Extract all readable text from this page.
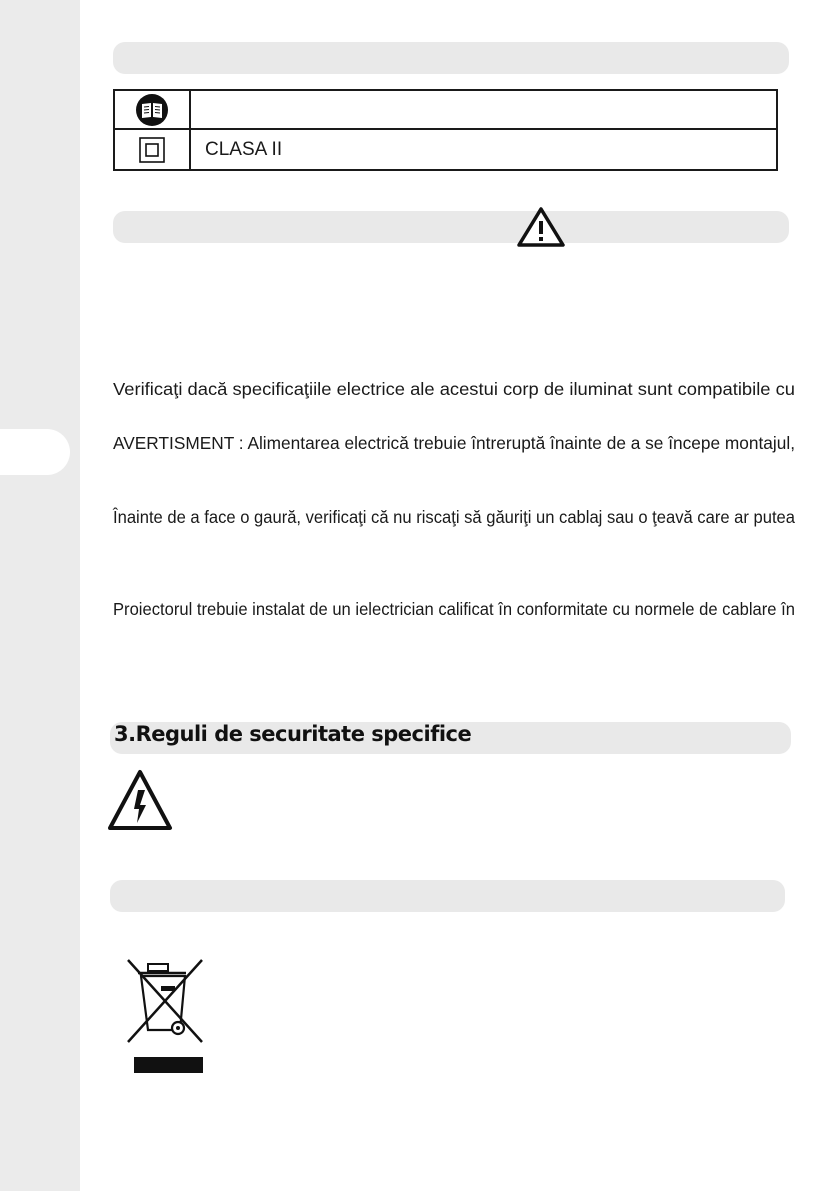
CLASA II
Verificaţi dacă specificaţiile electrice ale acestui corp de iluminat sunt compatibile cu
AVERTISMENT : Alimentarea electrică trebuie întreruptă înainte de a se începe montajul,
Înainte de a face o gaură, verificaţi că nu riscaţi să găuriţi un cablaj sau o ţeavă care ar putea
Proiectorul trebuie instalat de un ielectrician calificat în conformitate cu normele de cablare în
3.Reguli de securitate specifice
